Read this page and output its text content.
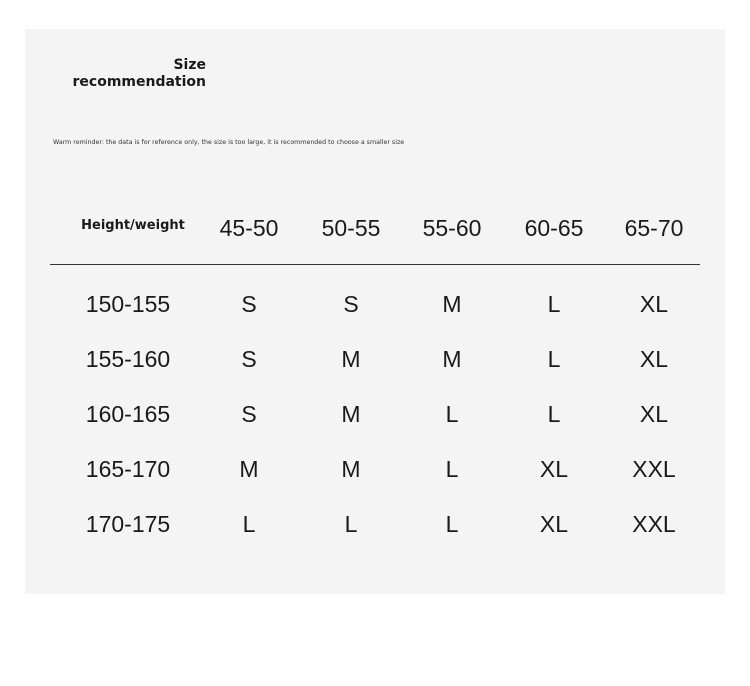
Size
recommendation
Warm reminder: the data is for reference only, the size is too large, it is recommended to choose a smaller size
Height/weight	45-50	50-55	55-60	60-65	65-70
150-155	S	S	M	L	XL
155-160	S	M	M	L	XL
160-165	S	M	L	L	XL
165-170	M	M	L	XL	XXL
170-175	L	L	L	XL	XXL
